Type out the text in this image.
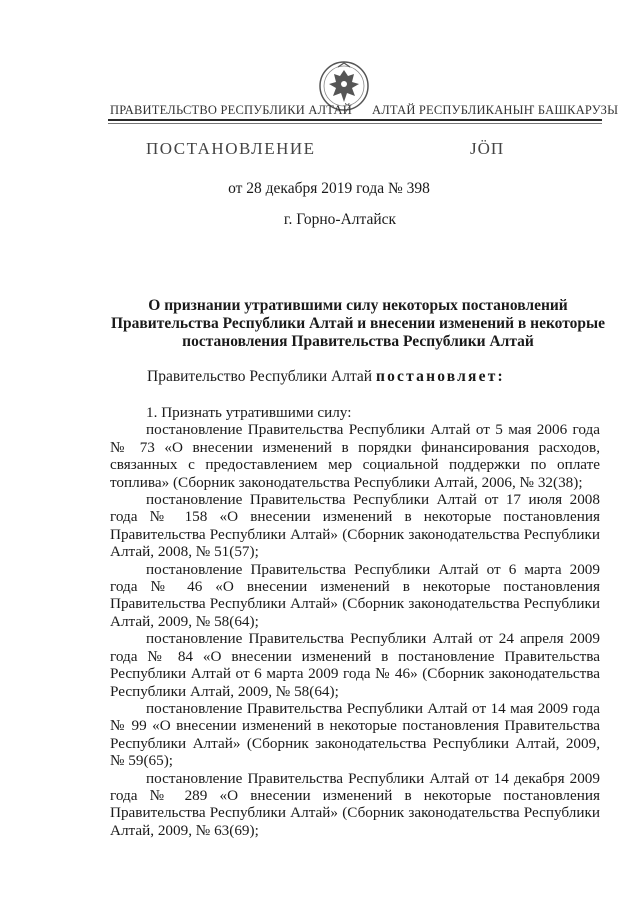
ПРАВИТЕЛЬСТВО РЕСПУБЛИКИ АЛТАЙ АЛТАЙ РЕСПУБЛИКАНЫҤ БАШКАРУЗЫ
ПОСТАНОВЛЕНИЕ	JÖП
от 28 декабря 2019 года № 398
г. Горно-Алтайск
О признании утратившими силу некоторых постановлений Правительства Республики Алтай и внесении изменений в некоторые постановления Правительства Республики Алтай
Правительство Республики Алтай постановляет:

1. Признать утратившими силу:

постановление Правительства Республики Алтай от 5 мая 2006 года № 73 «О внесении изменений в порядки финансирования расходов, связанных с предоставлением мер социальной поддержки по оплате топлива» (Сборник законодательства Республики Алтай, 2006, № 32(38);

постановление Правительства Республики Алтай от 17 июля 2008 года № 158 «О внесении изменений в некоторые постановления Правительства Республики Алтай» (Сборник законодательства Республики Алтай, 2008, № 51(57);

постановление Правительства Республики Алтай от 6 марта 2009 года № 46 «О внесении изменений в некоторые постановления Правительства Республики Алтай» (Сборник законодательства Республики Алтай, 2009, № 58(64);

постановление Правительства Республики Алтай от 24 апреля 2009 года № 84 «О внесении изменений в постановление Правительства Республики Алтай от 6 марта 2009 года № 46» (Сборник законодательства Республики Алтай, 2009, № 58(64);

постановление Правительства Республики Алтай от 14 мая 2009 года № 99 «О внесении изменений в некоторые постановления Правительства Республики Алтай» (Сборник законодательства Республики Алтай, 2009, № 59(65);

постановление Правительства Республики Алтай от 14 декабря 2009 года № 289 «О внесении изменений в некоторые постановления Правительства Республики Алтай» (Сборник законодательства Республики Алтай, 2009, № 63(69);
